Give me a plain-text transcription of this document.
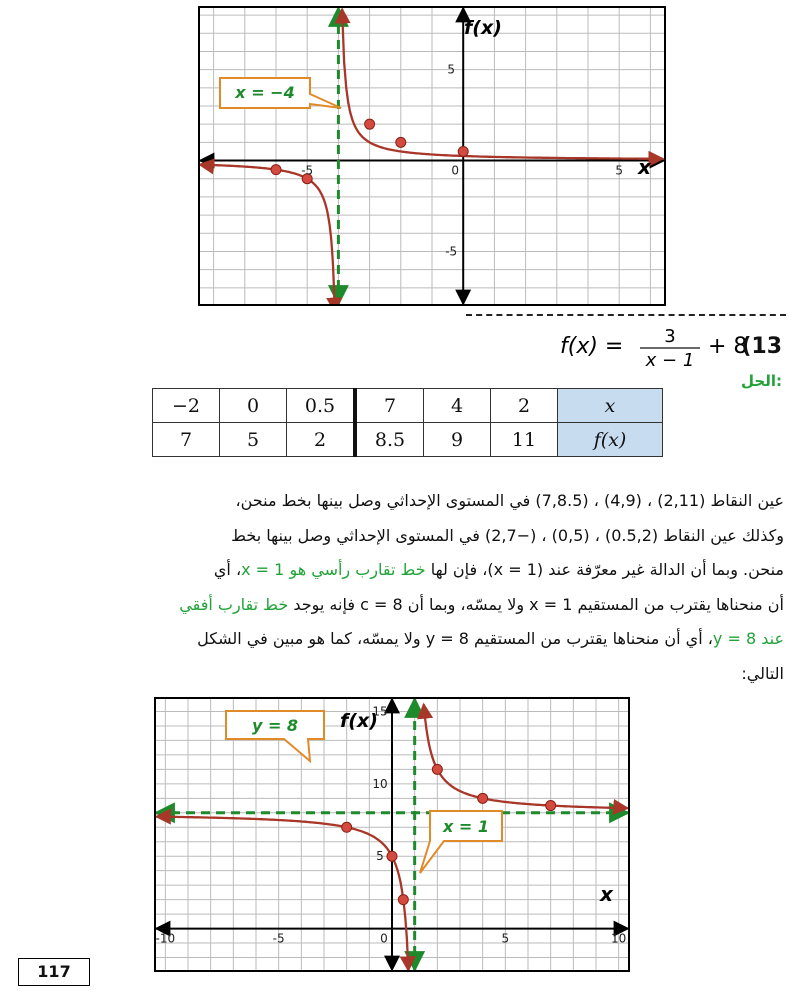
-5	0	5
5
-5
f(x)
x
x = −4
f(x) = 3
x − 1
+ 8
(13
الحل:
−2	0	0.5	7	4	2	x
7	5	2	8.5	9	11	f(x)
عين النقاط (2,11) ، (4,9) ، (7,8.5) في المستوى الإحداثي وصل بينها بخط منحن،
وكذلك عين النقاط (0.5,2) ، (0,5) ، (−2,7) في المستوى الإحداثي وصل بينها بخط
منحن. وبما أن الدالة غير معرّفة عند (x = 1)، فإن لها خط تقارب رأسي هو x = 1، أي
أن منحناها يقترب من المستقيم x = 1 ولا يمسّه، وبما أن c = 8 فإنه يوجد خط تقارب أفقي
عند y = 8، أي أن منحناها يقترب من المستقيم y = 8 ولا يمسّه، كما هو مبين في الشكل
التالي:
-10	-5	0	5	10
15
10
5
f(x)
x
y = 8
x = 1
117
